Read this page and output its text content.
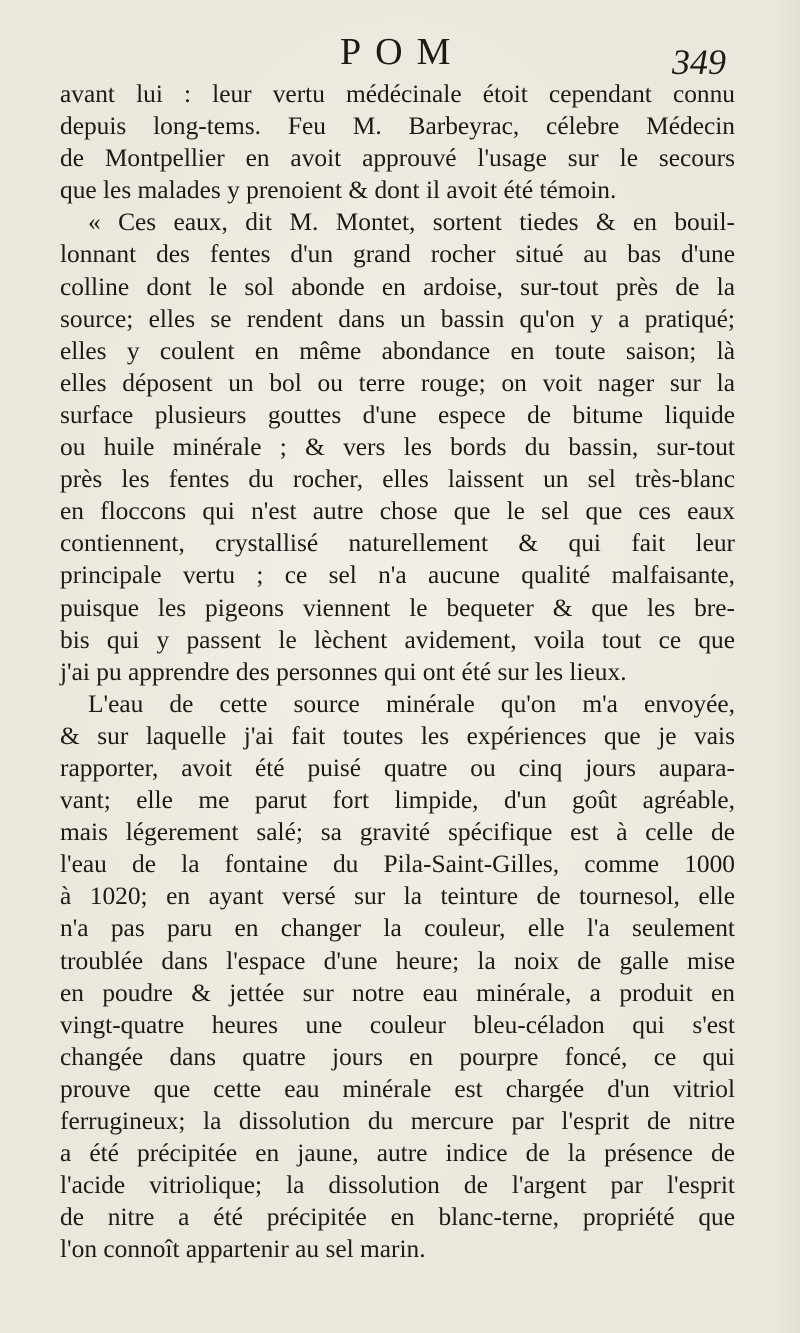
POM	349

avant lui : leur vertu médécinale étoit cependant connu
depuis long-tems. Feu M. Barbeyrac, célebre Médecin
de Montpellier en avoit approuvé l'usage sur le secours
que les malades y prenoient & dont il avoit été témoin.

« Ces eaux, dit M. Montet, sortent tiedes & en bouil-
lonnant des fentes d'un grand rocher situé au bas d'une
colline dont le sol abonde en ardoise, sur-tout près de la
source; elles se rendent dans un bassin qu'on y a pratiqué;
elles y coulent en même abondance en toute saison; là
elles déposent un bol ou terre rouge; on voit nager sur la
surface plusieurs gouttes d'une espece de bitume liquide
ou huile minérale ; & vers les bords du bassin, sur-tout
près les fentes du rocher, elles laissent un sel très-blanc
en floccons qui n'est autre chose que le sel que ces eaux
contiennent, crystallisé naturellement & qui fait leur
principale vertu ; ce sel n'a aucune qualité malfaisante,
puisque les pigeons viennent le bequeter & que les bre-
bis qui y passent le lèchent avidement, voila tout ce que
j'ai pu apprendre des personnes qui ont été sur les lieux.

L'eau de cette source minérale qu'on m'a envoyée,
& sur laquelle j'ai fait toutes les expériences que je vais
rapporter, avoit été puisé quatre ou cinq jours aupara-
vant; elle me parut fort limpide, d'un goût agréable,
mais légerement salé; sa gravité spécifique est à celle de
l'eau de la fontaine du Pila-Saint-Gilles, comme 1000
à 1020; en ayant versé sur la teinture de tournesol, elle
n'a pas paru en changer la couleur, elle l'a seulement
troublée dans l'espace d'une heure; la noix de galle mise
en poudre & jettée sur notre eau minérale, a produit en
vingt-quatre heures une couleur bleu-céladon qui s'est
changée dans quatre jours en pourpre foncé, ce qui
prouve que cette eau minérale est chargée d'un vitriol
ferrugineux; la dissolution du mercure par l'esprit de nitre
a été précipitée en jaune, autre indice de la présence de
l'acide vitriolique; la dissolution de l'argent par l'esprit
de nitre a été précipitée en blanc-terne, propriété que
l'on connoît appartenir au sel marin.
